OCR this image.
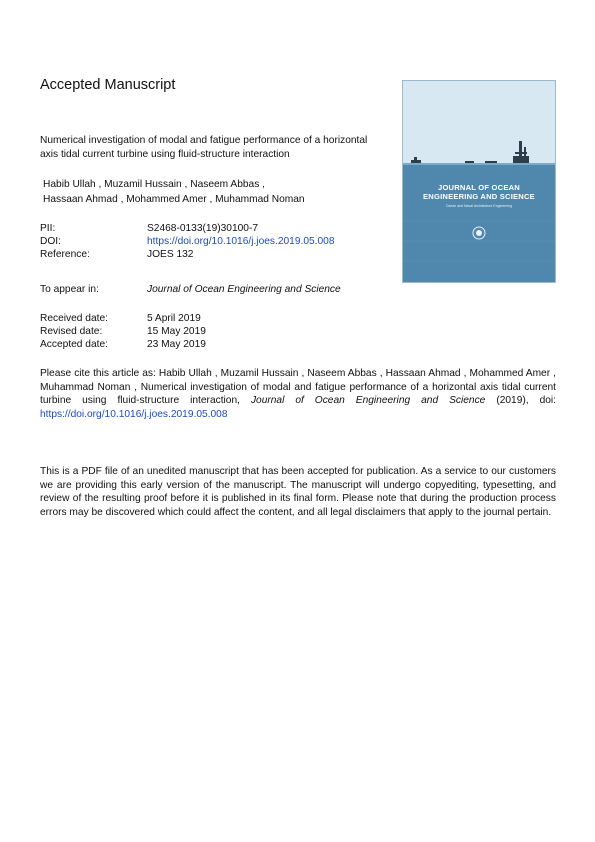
Accepted Manuscript
Numerical investigation of modal and fatigue performance of a horizontal axis tidal current turbine using fluid-structure interaction
Habib Ullah , Muzamil Hussain , Naseem Abbas ,
Hassaan Ahmad , Mohammed Amer , Muhammad Noman
PII:	S2468-0133(19)30100-7
DOI:	https://doi.org/10.1016/j.joes.2019.05.008
Reference:	JOES 132
To appear in:	Journal of Ocean Engineering and Science
Received date:	5 April 2019
Revised date:	15 May 2019
Accepted date:	23 May 2019
Please cite this article as: Habib Ullah , Muzamil Hussain , Naseem Abbas , Hassaan Ahmad , Mohammed Amer , Muhammad Noman , Numerical investigation of modal and fatigue performance of a horizontal axis tidal current turbine using fluid-structure interaction, Journal of Ocean Engineering and Science (2019), doi: https://doi.org/10.1016/j.joes.2019.05.008
This is a PDF file of an unedited manuscript that has been accepted for publication. As a service to our customers we are providing this early version of the manuscript. The manuscript will undergo copyediting, typesetting, and review of the resulting proof before it is published in its final form. Please note that during the production process errors may be discovered which could affect the content, and all legal disclaimers that apply to the journal pertain.
JOURNAL OF OCEAN
ENGINEERING AND SCIENCE
Ocean and Naval Architecture Engineering
